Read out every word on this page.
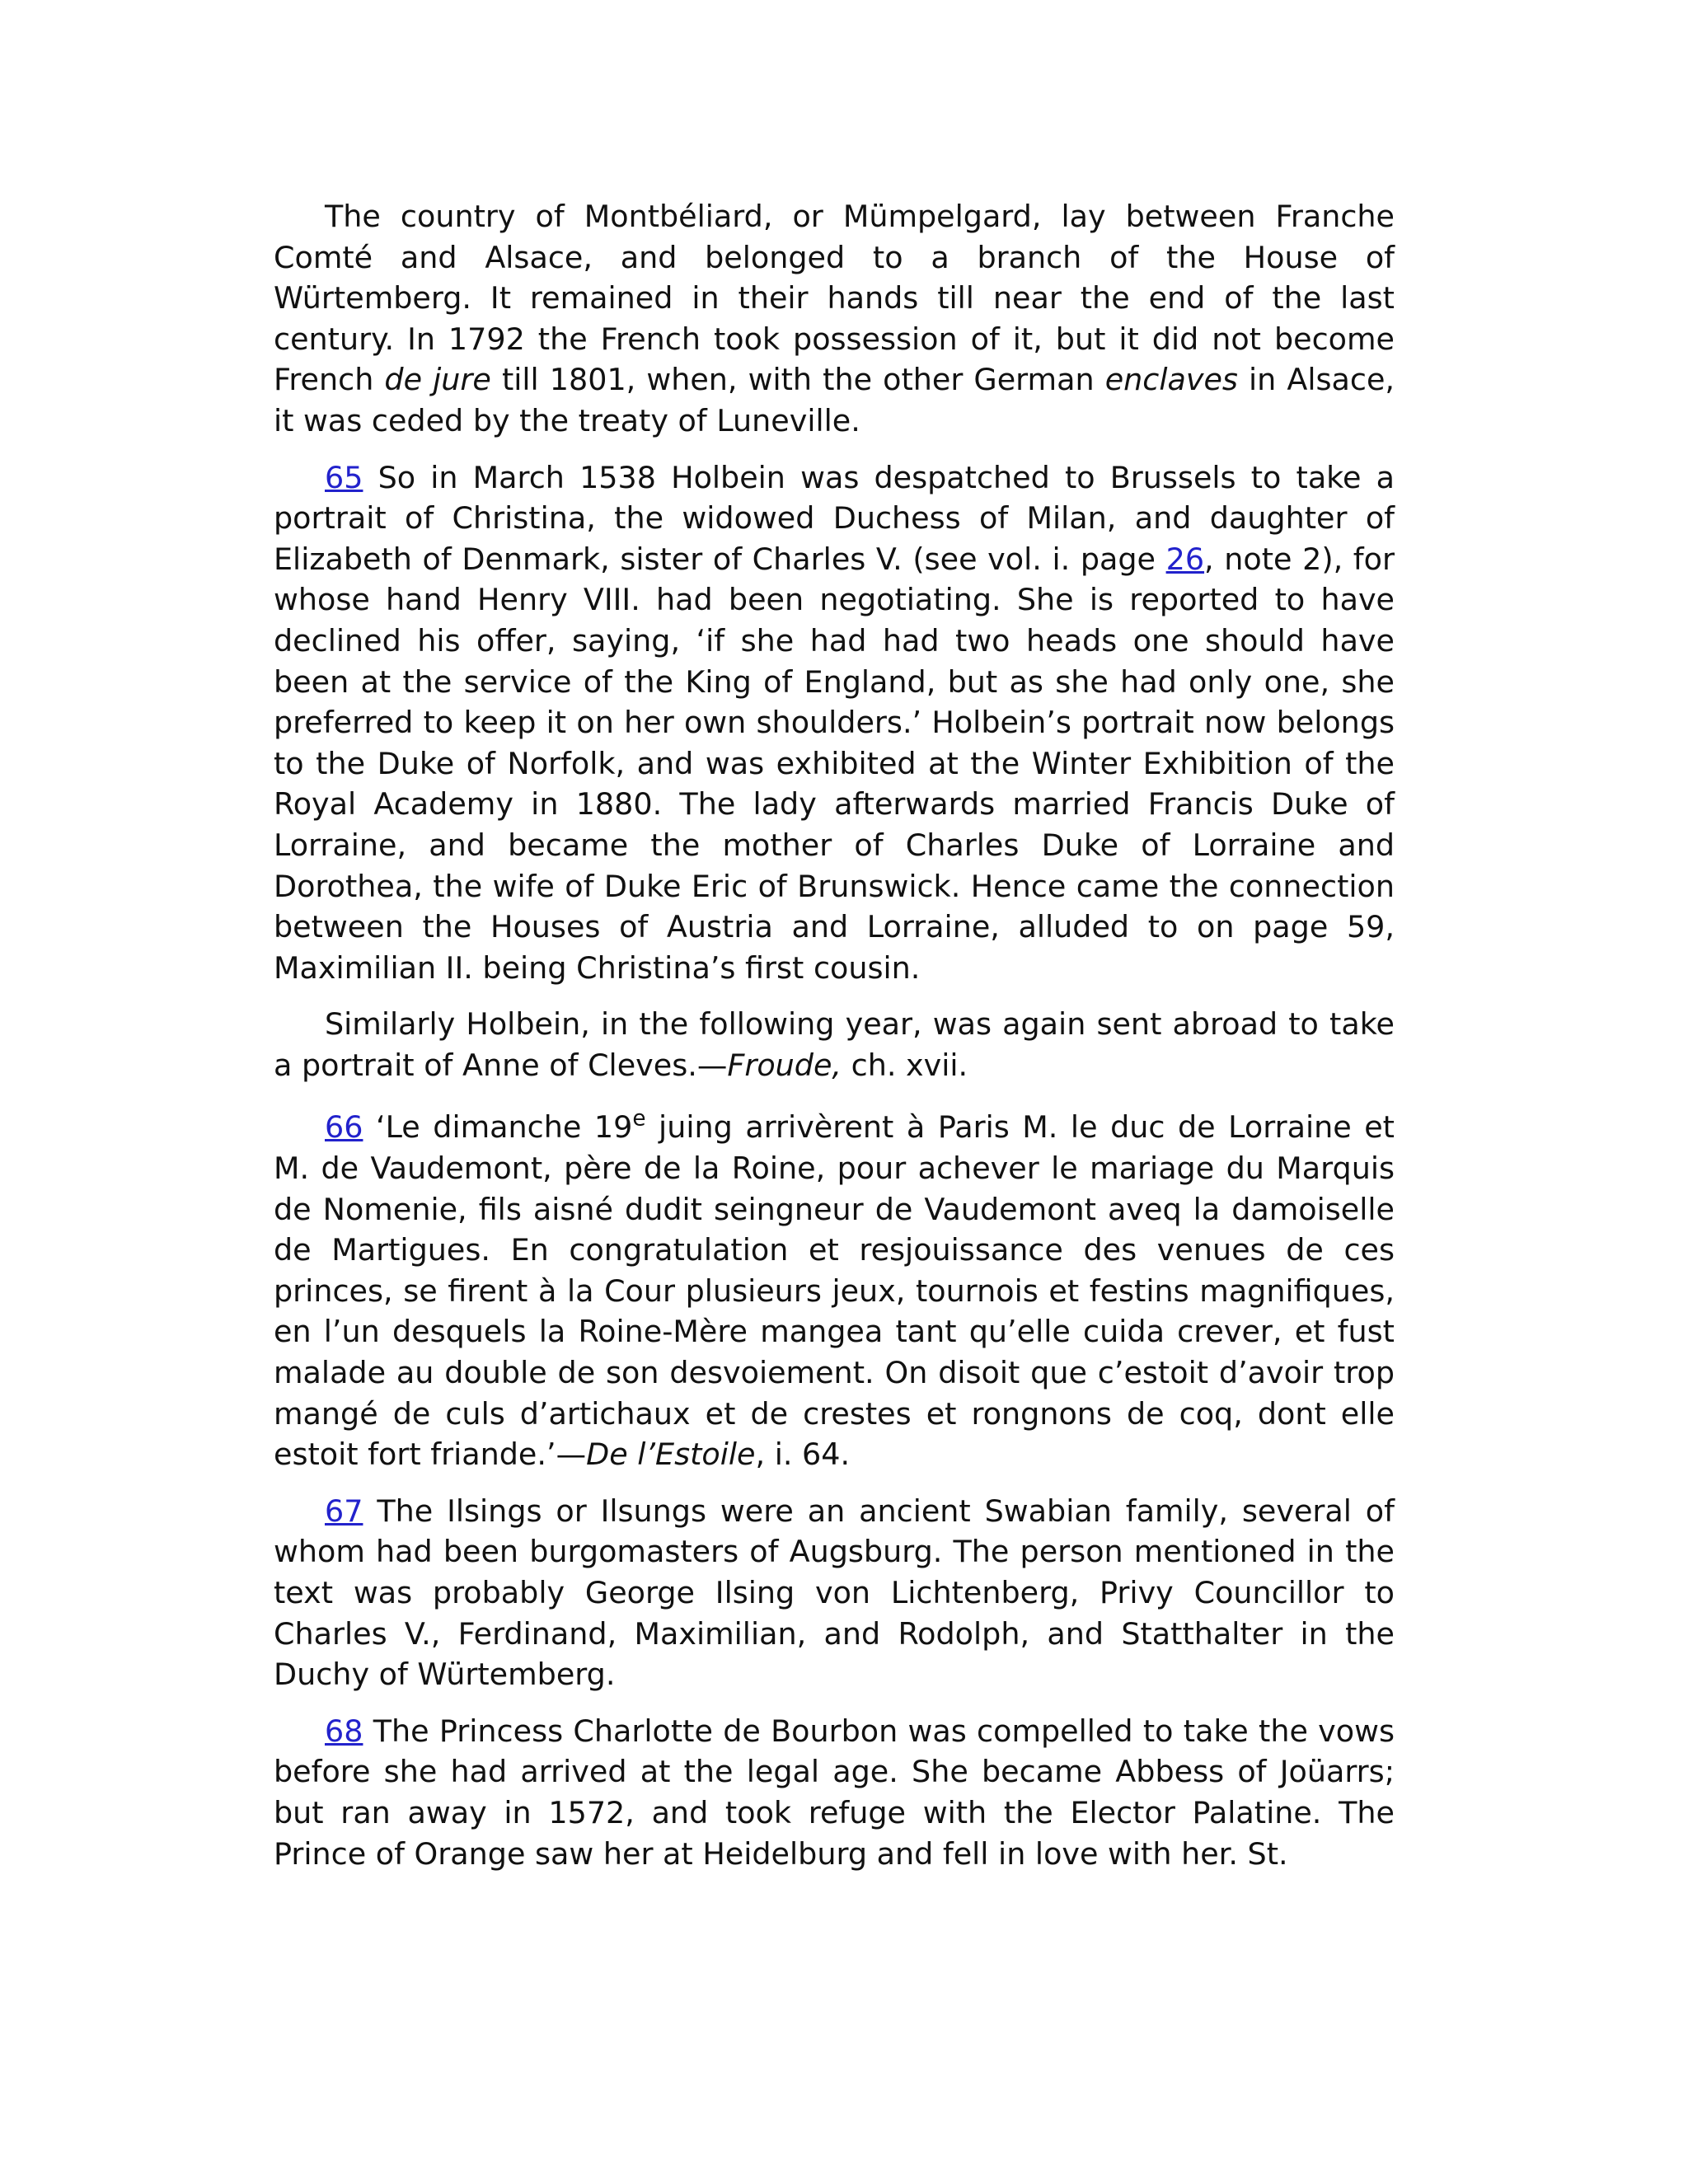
The country of Montbéliard, or Mümpelgard, lay between Franche Comté and Alsace, and belonged to a branch of the House of Würtemberg. It remained in their hands till near the end of the last century. In 1792 the French took possession of it, but it did not become French de jure till 1801, when, with the other German enclaves in Alsace, it was ceded by the treaty of Luneville.

65 So in March 1538 Holbein was despatched to Brussels to take a portrait of Christina, the widowed Duchess of Milan, and daughter of Elizabeth of Denmark, sister of Charles V. (see vol. i. page 26, note 2), for whose hand Henry VIII. had been negotiating. She is reported to have declined his offer, saying, ‘if she had had two heads one should have been at the service of the King of England, but as she had only one, she preferred to keep it on her own shoulders.’ Holbein’s portrait now belongs to the Duke of Norfolk, and was exhibited at the Winter Exhibition of the Royal Academy in 1880. The lady afterwards married Francis Duke of Lorraine, and became the mother of Charles Duke of Lorraine and Dorothea, the wife of Duke Eric of Brunswick. Hence came the connection between the Houses of Austria and Lorraine, alluded to on page 59, Maximilian II. being Christina’s first cousin.

Similarly Holbein, in the following year, was again sent abroad to take a portrait of Anne of Cleves.—Froude, ch. xvii.

66 ‘Le dimanche 19e juing arrivèrent à Paris M. le duc de Lorraine et M. de Vaudemont, père de la Roine, pour achever le mariage du Marquis de Nomenie, fils aisné dudit seingneur de Vaudemont aveq la damoiselle de Martigues. En congratulation et resjouissance des venues de ces princes, se firent à la Cour plusieurs jeux, tournois et festins magnifiques, en l’un desquels la Roine-Mère mangea tant qu’elle cuida crever, et fust malade au double de son desvoiement. On disoit que c’estoit d’avoir trop mangé de culs d’artichaux et de crestes et rongnons de coq, dont elle estoit fort friande.’—De l’Estoile, i. 64.

67 The Ilsings or Ilsungs were an ancient Swabian family, several of whom had been burgomasters of Augsburg. The person mentioned in the text was probably George Ilsing von Lichtenberg, Privy Councillor to Charles V., Ferdinand, Maximilian, and Rodolph, and Statthalter in the Duchy of Würtemberg.

68 The Princess Charlotte de Bourbon was compelled to take the vows before she had arrived at the legal age. She became Abbess of Joüarrs; but ran away in 1572, and took refuge with the Elector Palatine. The Prince of Orange saw her at Heidelburg and fell in love with her. St.
